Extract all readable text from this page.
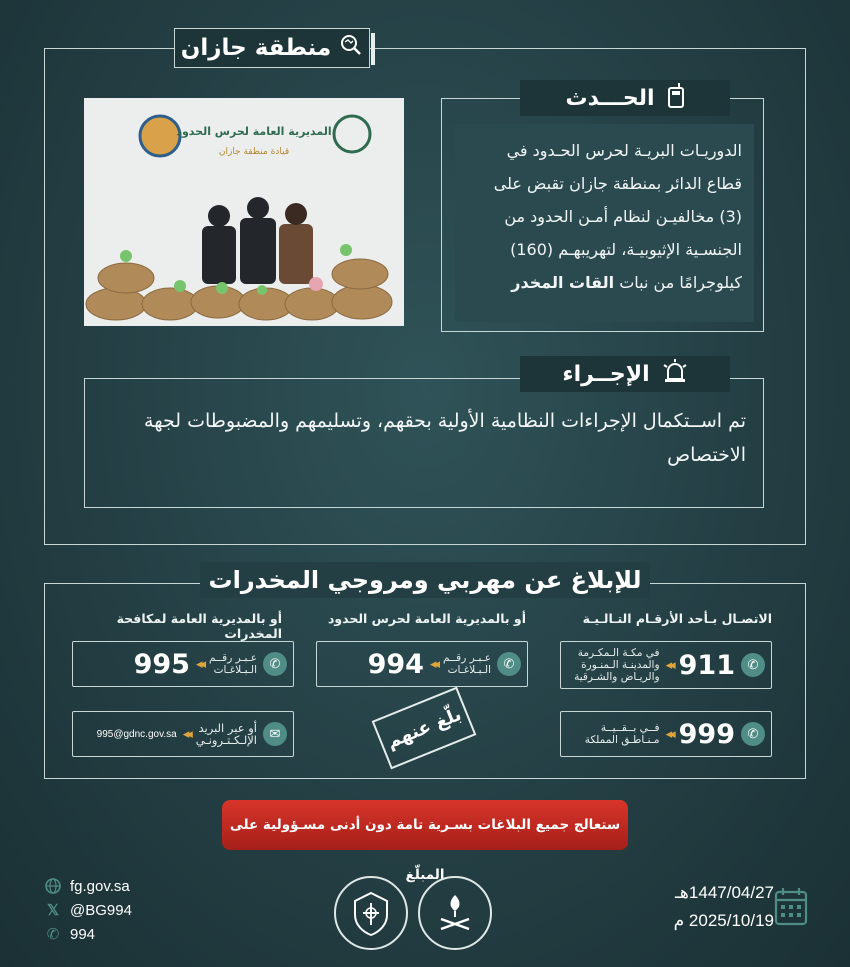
منطقة جازان
المديرية العامة لحرس الحدود
قيادة منطقة جازان
الحـــدث
الدوريـات البريـة لحرس الحـدود في
قطاع الدائر بمنطقة جازان تقبض على
(3) مخالفيـن لنظام أمـن الحدود من
الجنسـية الإثيوبيـة، لتهريبهـم (160)
كيلوجرامًا من نبات القات المخدر
الإجــراء
تم اســتكمال الإجراءات النظامية الأولية بحقهم، وتسليمهم والمضبوطات لجهة الاختصاص
للإبلاغ عن مهربي ومروجي المخدرات
الاتصـال بـأحد الأرقـام التـالـيـة
أو بالمديرية العامة لحرس الحدود
أو بالمديرية العامة لمكافحة المخدرات
✆
911
◂◂
في مكـة الـمكـرمة
والمدينـة الـمنـورة
والريـاض والشـرقية
✆
999
◂◂
فــي بــقــيــة
مـنـاطـق المملكة
✆
عـبـر رقــم
الـبـلاغـات
◂◂
994
✆
عـبـر رقــم
الـبـلاغـات
◂◂
995
✉
أو عبر البريد
الإلـكـتـرونـي
◂◂
995@gdnc.gov.sa	بلّغ عنهم
ستعالج جميع البلاغات بسـرية تامة دون أدنى مسـؤولية على المبلّغ
fg.gov.sa
𝕏 @BG994
✆ 994
1447/04/27هـ
2025/10/19 م
